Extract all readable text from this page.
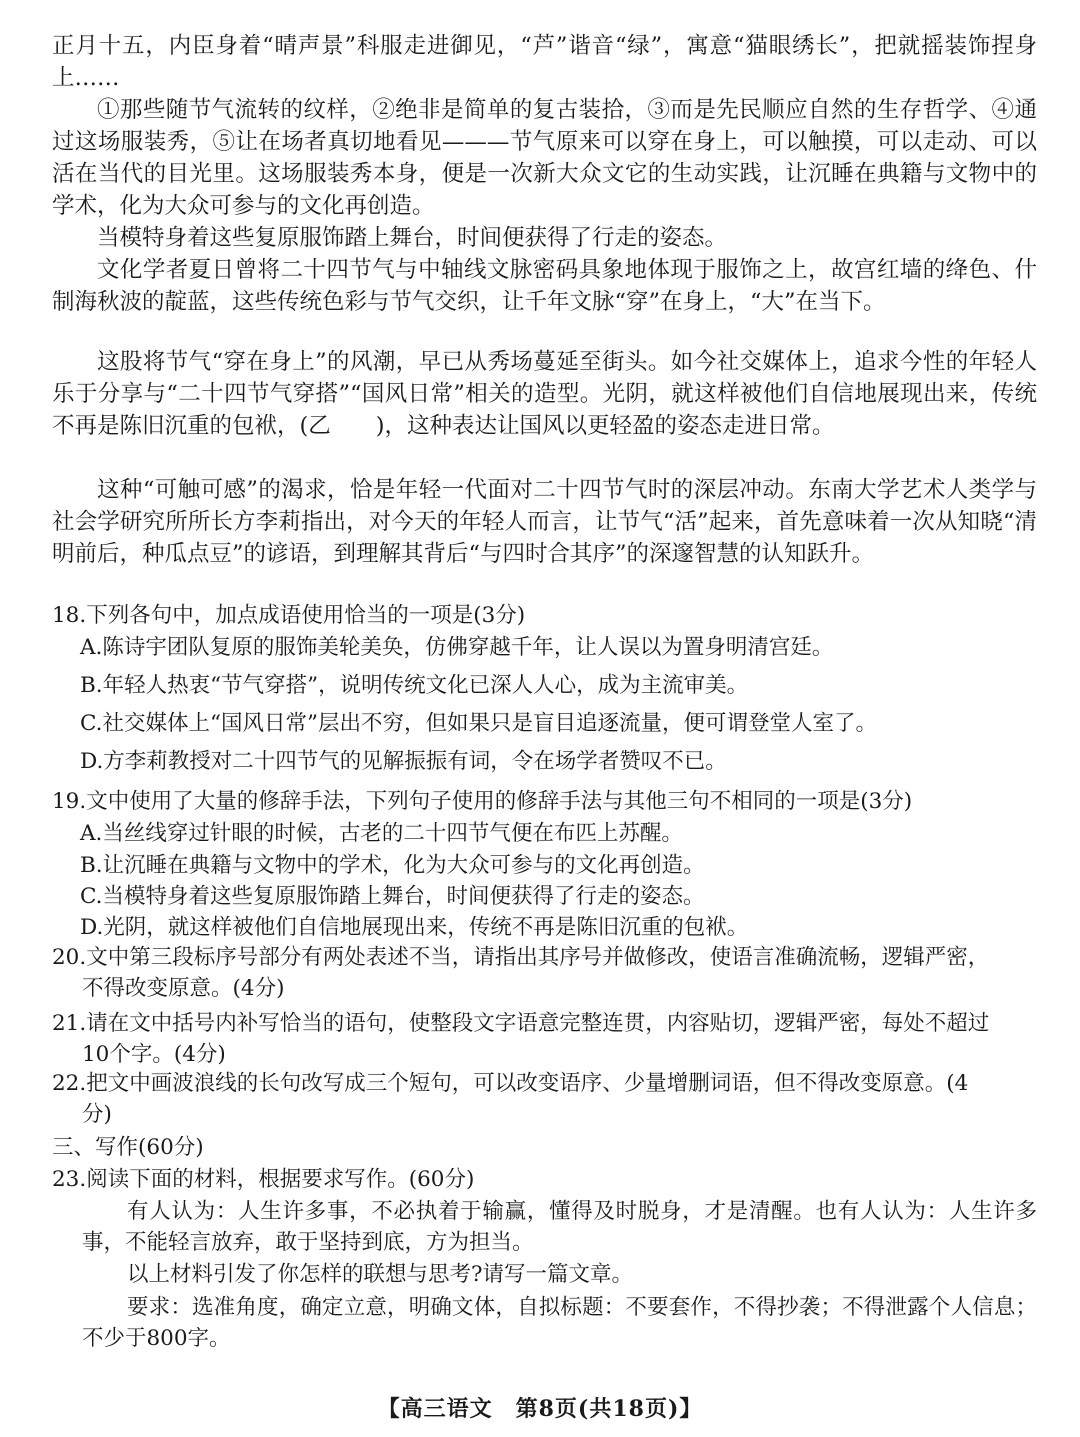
正月十五，内臣身着“晴声景”科服走进御见，“芦”谐音“绿”，寓意“猫眼绣长”，把就摇装饰捏身上……

①那些随节气流转的纹样，②绝非是简单的复古装拾，③而是先民顺应自然的生存哲学、④通过这场服装秀，⑤让在场者真切地看见———节气原来可以穿在身上，可以触摸，可以走动、可以活在当代的目光里。这场服装秀本身，便是一次新大众文它的生动实践，让沉睡在典籍与文物中的学术，化为大众可参与的文化再创造。

当模特身着这些复原服饰踏上舞台，时间便获得了行走的姿态。

文化学者夏日曾将二十四节气与中轴线文脉密码具象地体现于服饰之上，故宫红墙的绛色、什制海秋波的靛蓝，这些传统色彩与节气交织，让千年文脉“穿”在身上，“大”在当下。

这股将节气“穿在身上”的风潮，早已从秀场蔓延至街头。如今社交媒体上，追求今性的年轻人乐于分享与“二十四节气穿搭”“国风日常”相关的造型。光阴，就这样被他们自信地展现出来，传统不再是陈旧沉重的包袱，(乙　　)，这种表达让国风以更轻盈的姿态走进日常。

这种“可触可感”的渴求，恰是年轻一代面对二十四节气时的深层冲动。东南大学艺术人类学与社会学研究所所长方李莉指出，对今天的年轻人而言，让节气“活”起来，首先意味着一次从知晓“清明前后，种瓜点豆”的谚语，到理解其背后“与四时合其序”的深邃智慧的认知跃升。

18.下列各句中，加点成语使用恰当的一项是(3分)

A.陈诗宇团队复原的服饰美轮美奂，仿佛穿越千年，让人误以为置身明清宫廷。

B.年轻人热衷“节气穿搭”，说明传统文化已深人人心，成为主流审美。

C.社交媒体上“国风日常”层出不穷，但如果只是盲目追逐流量，便可谓登堂人室了。

D.方李莉教授对二十四节气的见解振振有词，令在场学者赞叹不已。

19.文中使用了大量的修辞手法，下列句子使用的修辞手法与其他三句不相同的一项是(3分)

A.当丝线穿过针眼的时候，古老的二十四节气便在布匹上苏醒。

B.让沉睡在典籍与文物中的学术，化为大众可参与的文化再创造。

C.当模特身着这些复原服饰踏上舞台，时间便获得了行走的姿态。

D.光阴，就这样被他们自信地展现出来，传统不再是陈旧沉重的包袱。

20.文中第三段标序号部分有两处表述不当，请指出其序号并做修改，使语言准确流畅，逻辑严密，
不得改变原意。(4分)

21.请在文中括号内补写恰当的语句，使整段文字语意完整连贯，内容贴切，逻辑严密，每处不超过
10个字。(4分)

22.把文中画波浪线的长句改写成三个短句，可以改变语序、少量增删词语，但不得改变原意。(4
分)

三、写作(60分)

23.阅读下面的材料，根据要求写作。(60分)

有人认为：人生许多事，不必执着于输赢，懂得及时脱身，才是清醒。也有人认为：人生许多事，不能轻言放弃，敢于坚持到底，方为担当。

以上材料引发了你怎样的联想与思考?请写一篇文章。

要求：选准角度，确定立意，明确文体，自拟标题：不要套作，不得抄袭；不得泄露个人信息；不少于800字。

【高三语文　第8页(共18页)】
